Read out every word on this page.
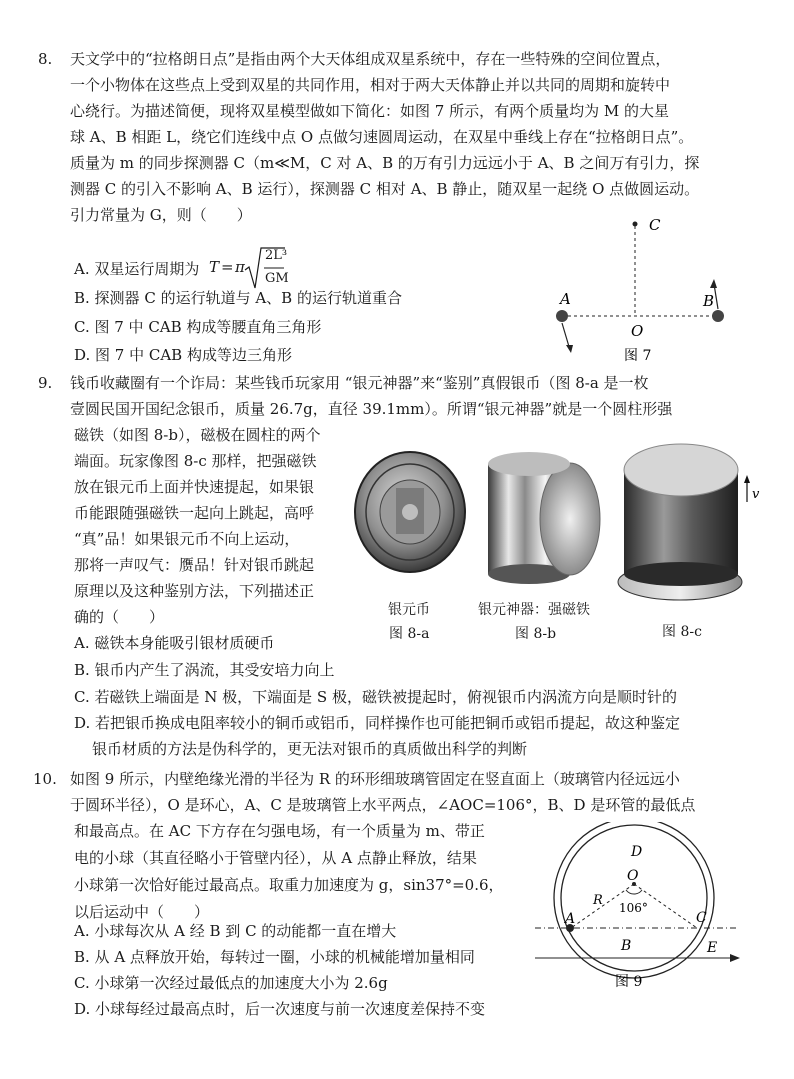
8. 天文学中的“拉格朗日点”是指由两个大天体组成双星系统中，存在一些特殊的空间位置点，
一个小物体在这些点上受到双星的共同作用，相对于两大天体静止并以共同的周期和旋转中
心绕行。为描述简便，现将双星模型做如下简化：如图 7 所示，有两个质量均为 M 的大星
球 A、B 相距 L，绕它们连线中点 O 点做匀速圆周运动，在双星中垂线上存在“拉格朗日点”。
质量为 m 的同步探测器 C（m≪M，C 对 A、B 的万有引力远远小于 A、B 之间万有引力，探
测器 C 的引入不影响 A、B 运行），探测器 C 相对 A、B 静止，随双星一起绕 O 点做圆运动。
引力常量为 G，则（　　）
A. 双星运行周期为 T = π
2L³
GM
B. 探测器 C 的运行轨道与 A、B 的运行轨道重合
C. 图 7 中 CAB 构成等腰直角三角形
D. 图 7 中 CAB 构成等边三角形
C
A	B
O
图 7
9. 钱币收藏圈有一个诈局：某些钱币玩家用 “银元神器”来“鉴别”真假银币（图 8-a 是一枚
壹圆民国开国纪念银币，质量 26.7g，直径 39.1mm）。所谓“银元神器”就是一个圆柱形强
磁铁（如图 8-b），磁极在圆柱的两个
端面。玩家像图 8-c 那样，把强磁铁
放在银元币上面并快速提起，如果银
币能跟随强磁铁一起向上跳起，高呼
“真”品！如果银元币不向上运动，
那将一声叹气：赝品！针对银币跳起
原理以及这种鉴别方法，下列描述正
确的（　　）
v
银元币
图 8-a
银元神器：强磁铁
图 8-b	图 8-c
A. 磁铁本身能吸引银材质硬币
B. 银币内产生了涡流，其受安培力向上
C. 若磁铁上端面是 N 极，下端面是 S 极，磁铁被提起时，俯视银币内涡流方向是顺时针的
D. 若把银币换成电阻率较小的铜币或铝币，同样操作也可能把铜币或铝币提起，故这种鉴定
银币材质的方法是伪科学的，更无法对银币的真质做出科学的判断
10. 如图 9 所示，内壁绝缘光滑的半径为 R 的环形细玻璃管固定在竖直面上（玻璃管内径远远小
于圆环半径），O 是环心，A、C 是玻璃管上水平两点，∠AOC=106°，B、D 是环管的最低点
和最高点。在 AC 下方存在匀强电场，有一个质量为 m、带正
电的小球（其直径略小于管壁内径），从 A 点静止释放，结果
小球第一次恰好能过最高点。取重力加速度为 g，sin37°=0.6，
以后运动中（　　）
A. 小球每次从 A 经 B 到 C 的动能都一直在增大
B. 从 A 点释放开始，每转过一圈，小球的机械能增加量相同
C. 小球第一次经过最低点的加速度大小为 2.6g
D. 小球每经过最高点时，后一次速度与前一次速度差保持不变
D
O
R 106°
A	C
B	E
图 9
